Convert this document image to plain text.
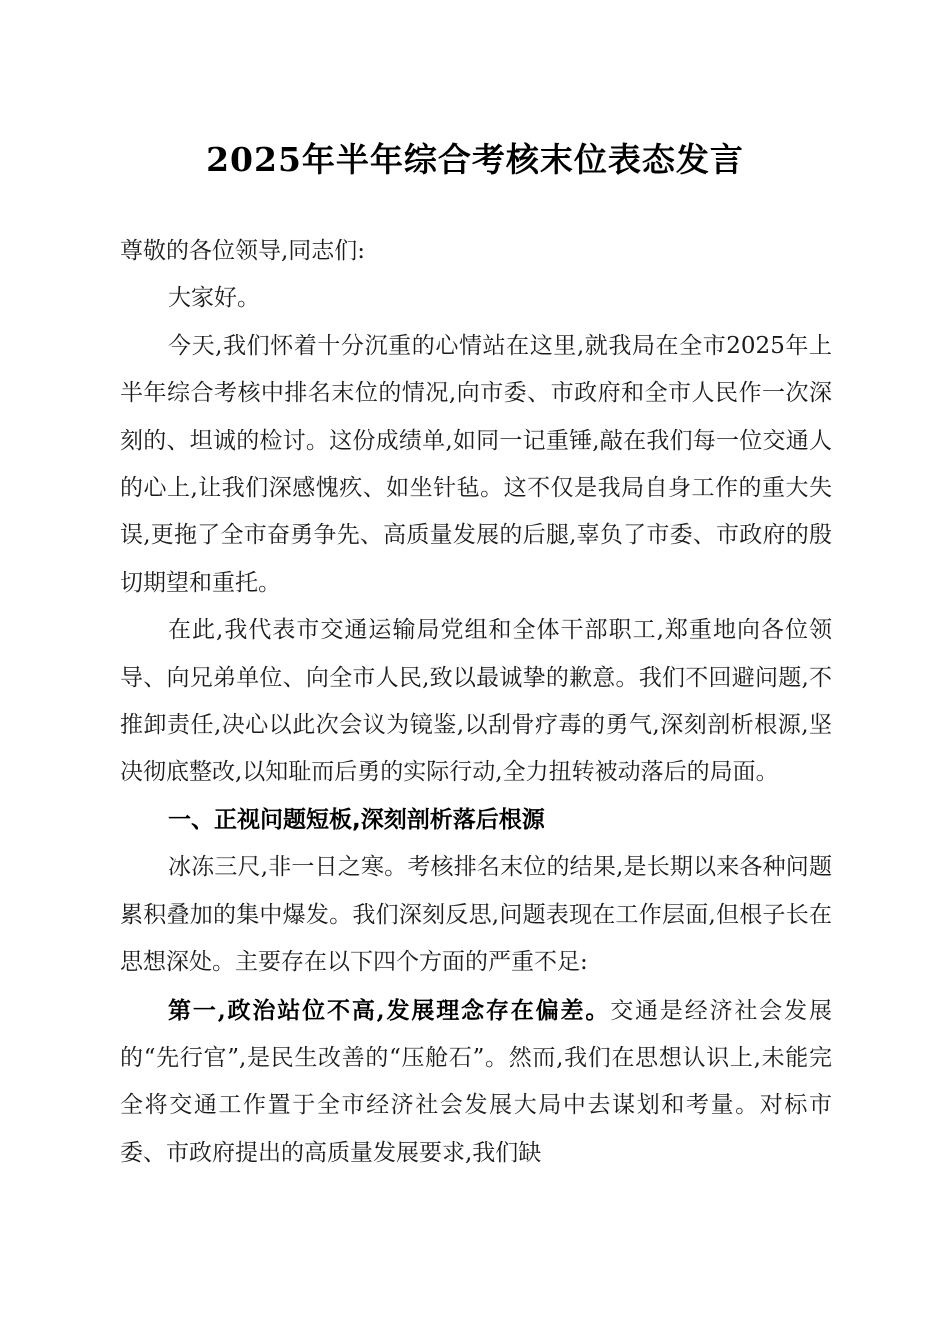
2025年半年综合考核末位表态发言

尊敬的各位领导,同志们:

大家好。

今天,我们怀着十分沉重的心情站在这里,就我局在全市2025年上半年综合考核中排名末位的情况,向市委、市政府和全市人民作一次深刻的、坦诚的检讨。这份成绩单,如同一记重锤,敲在我们每一位交通人的心上,让我们深感愧疚、如坐针毡。这不仅是我局自身工作的重大失误,更拖了全市奋勇争先、高质量发展的后腿,辜负了市委、市政府的殷切期望和重托。

在此,我代表市交通运输局党组和全体干部职工,郑重地向各位领导、向兄弟单位、向全市人民,致以最诚挚的歉意。我们不回避问题,不推卸责任,决心以此次会议为镜鉴,以刮骨疗毒的勇气,深刻剖析根源,坚决彻底整改,以知耻而后勇的实际行动,全力扭转被动落后的局面。

一、正视问题短板,深刻剖析落后根源

冰冻三尺,非一日之寒。考核排名末位的结果,是长期以来各种问题累积叠加的集中爆发。我们深刻反思,问题表现在工作层面,但根子长在思想深处。主要存在以下四个方面的严重不足:

第一,政治站位不高,发展理念存在偏差。交通是经济社会发展的“先行官”,是民生改善的“压舱石”。然而,我们在思想认识上,未能完全将交通工作置于全市经济社会发展大局中去谋划和考量。对标市委、市政府提出的高质量发展要求,我们缺
